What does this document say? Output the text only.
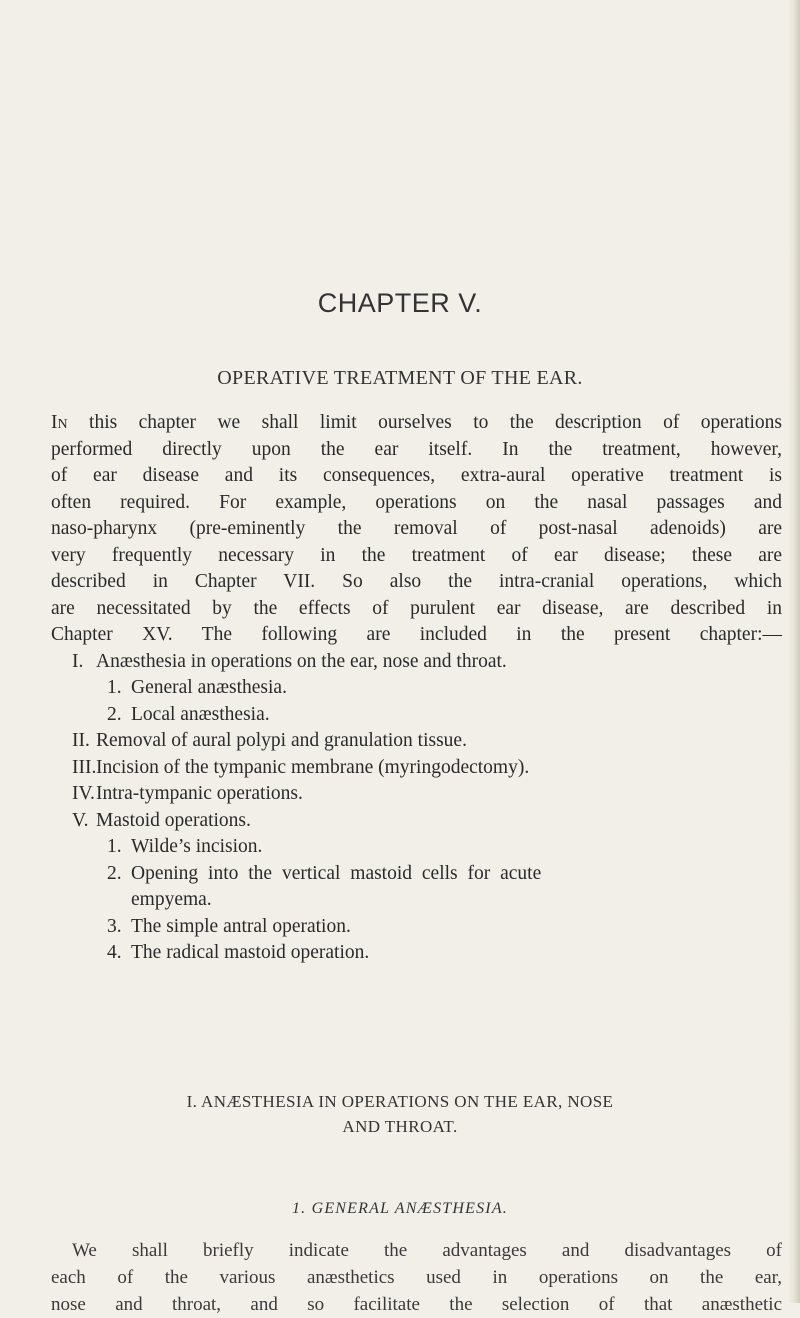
CHAPTER V.
OPERATIVE TREATMENT OF THE EAR.
In this chapter we shall limit ourselves to the description of operations
performed directly upon the ear itself. In the treatment, however,
of ear disease and its consequences, extra-aural operative treatment is
often required. For example, operations on the nasal passages and
naso-pharynx (pre-eminently the removal of post-nasal adenoids) are
very frequently necessary in the treatment of ear disease; these are
described in Chapter VII. So also the intra-cranial operations, which
are necessitated by the effects of purulent ear disease, are described in
Chapter XV. The following are included in the present chapter:—
I. Anæsthesia in operations on the ear, nose and throat.
1. General anæsthesia.
2. Local anæsthesia.
II. Removal of aural polypi and granulation tissue.
III.Incision of the tympanic membrane (myringodectomy).
IV.Intra-tympanic operations.
V. Mastoid operations.
1. Wilde’s incision.
2. Opening into the vertical mastoid cells for acute
empyema.
3. The simple antral operation.
4. The radical mastoid operation.
I. ANÆSTHESIA IN OPERATIONS ON THE EAR, NOSE
AND THROAT.
1. GENERAL ANÆSTHESIA.
We shall briefly indicate the advantages and disadvantages of
each of the various anæsthetics used in operations on the ear,
nose and throat, and so facilitate the selection of that anæsthetic
